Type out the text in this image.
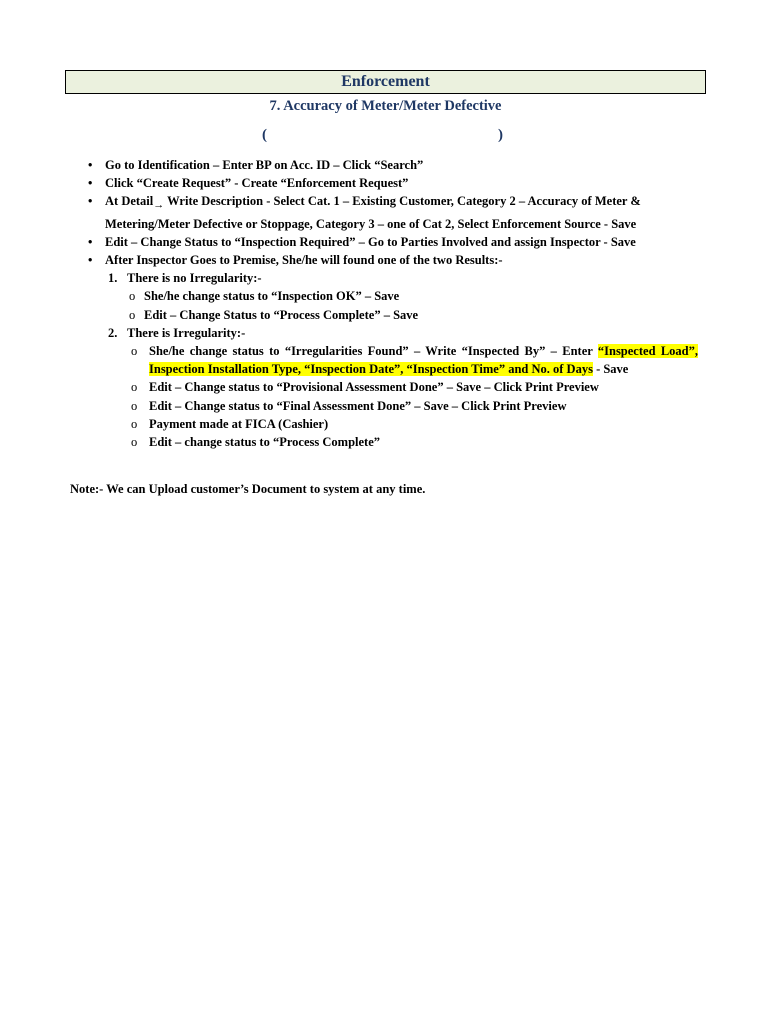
Enforcement
7. Accuracy of Meter/Meter Defective
(	)
• Go to Identification – Enter BP on Acc. ID – Click “Search”
• Click “Create Request” - Create “Enforcement Request”
• At Detail→ Write Description - Select Cat. 1 – Existing Customer, Category 2 – Accuracy of Meter & Metering/Meter Defective or Stoppage, Category 3 – one of Cat 2, Select Enforcement Source - Save
• Edit – Change Status to “Inspection Required” – Go to Parties Involved and assign Inspector - Save
• After Inspector Goes to Premise, She/he will found one of the two Results:-
1. There is no Irregularity:-
o She/he change status to “Inspection OK” – Save
o Edit – Change Status to “Process Complete” – Save
2. There is Irregularity:-
o She/he change status to “Irregularities Found” – Write “Inspected By” – Enter “Inspected Load”, Inspection Installation Type, “Inspection Date”, “Inspection Time” and No. of Days - Save
o Edit – Change status to “Provisional Assessment Done” – Save – Click Print Preview
o Edit – Change status to “Final Assessment Done” – Save – Click Print Preview
o Payment made at FICA (Cashier)
o Edit – change status to “Process Complete”
Note:- We can Upload customer’s Document to system at any time.
